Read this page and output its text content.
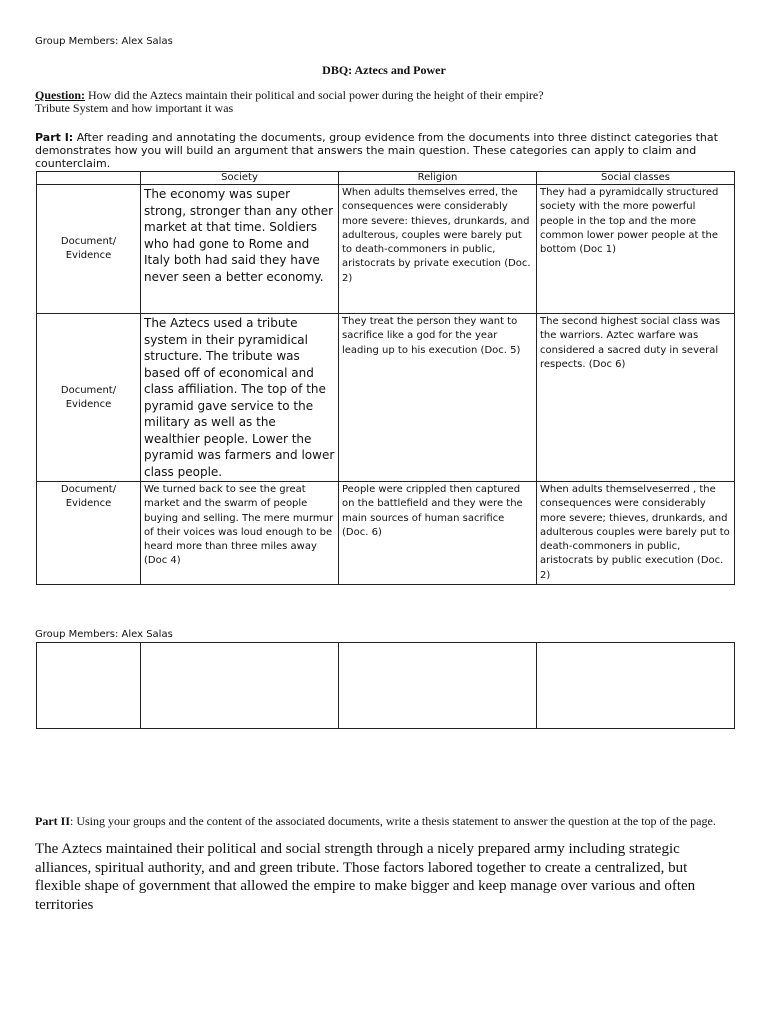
Group Members: Alex Salas
DBQ: Aztecs and Power
Question: How did the Aztecs maintain their political and social power during the height of their empire?
Tribute System and how important it was
Part I: After reading and annotating the documents, group evidence from the documents into three distinct categories that demonstrates how you will build an argument that answers the main question. These categories can apply to claim and counterclaim.
	Society	Religion	Social classes
Document/ Evidence	The economy was super strong, stronger than any other market at that time. Soldiers who had gone to Rome and Italy both had said they have never seen a better economy.	When adults themselves erred, the consequences were considerably more severe: thieves, drunkards, and adulterous, couples were barely put to death-commoners in public, aristocrats by private execution (Doc. 2)	They had a pyramidcally structured society with the more powerful people in the top and the more common lower power people at the bottom (Doc 1)
Document/ Evidence	The Aztecs used a tribute system in their pyramidical structure. The tribute was based off of economical and class affiliation. The top of the pyramid gave service to the military as well as the wealthier people. Lower the pyramid was farmers and lower class people.	They treat the person they want to sacrifice like a god for the year leading up to his execution (Doc. 5)	The second highest social class was the warriors. Aztec warfare was considered a sacred duty in several respects. (Doc 6)
Document/ Evidence	We turned back to see the great market and the swarm of people buying and selling. The mere murmur of their voices was loud enough to be heard more than three miles away (Doc 4)	People were crippled then captured on the battlefield and they were the main sources of human sacrifice (Doc. 6)	When adults themselveserred , the consequences were considerably more severe; thieves, drunkards, and adulterous couples were barely put to death-commoners in public, aristocrats by public execution (Doc. 2)
Group Members: Alex Salas

Part II: Using your groups and the content of the associated documents, write a thesis statement to answer the question at the top of the page.
The Aztecs maintained their political and social strength through a nicely prepared army including strategic alliances, spiritual authority, and and green tribute. Those factors labored together to create a centralized, but flexible shape of government that allowed the empire to make bigger and keep manage over various and often territories
